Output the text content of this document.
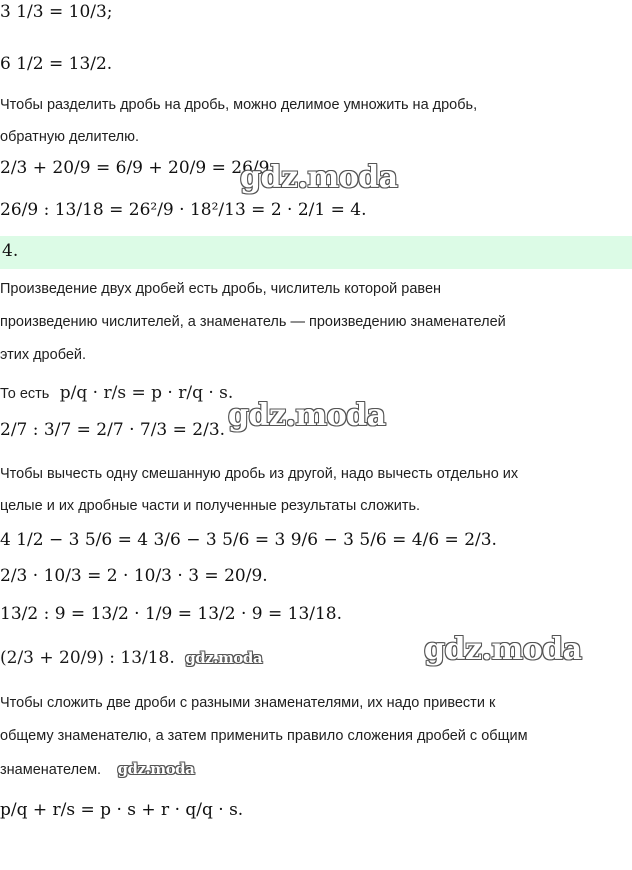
3 1/3 = 10/3;
6 1/2 = 13/2.
Чтобы разделить дробь на дробь, можно делимое умножить на дробь,
обратную делителю.
2/3 + 20/9 = 6/9 + 20/9 = 26/9.
26/9 : 13/18 = 26²/9 · 18²/13 = 2 · 2/1 = 4.
gdz.moda
4.
Произведение двух дробей есть дробь, числитель которой равен
произведению числителей, а знаменатель — произведению знаменателей
этих дробей.
То есть p/q · r/s = p · r/q · s.
2/7 : 3/7 = 2/7 · 7/3 = 2/3. gdz.moda
Чтобы вычесть одну смешанную дробь из другой, надо вычесть отдельно их
целые и их дробные части и полученные результаты сложить.
4 1/2 − 3 5/6 = 4 3/6 − 3 5/6 = 3 9/6 − 3 5/6 = 4/6 = 2/3.
2/3 · 10/3 = 2 · 10/3 · 3 = 20/9.
13/2 : 9 = 13/2 · 1/9 = 13/2 · 9 = 13/18.
(2/3 + 20/9) : 13/18. gdz.moda	gdz.moda
Чтобы сложить две дроби с разными знаменателями, их надо привести к
общему знаменателю, а затем применить правило сложения дробей с общим
знаменателем. gdz.moda
p/q + r/s = p · s + r · q/q · s.
